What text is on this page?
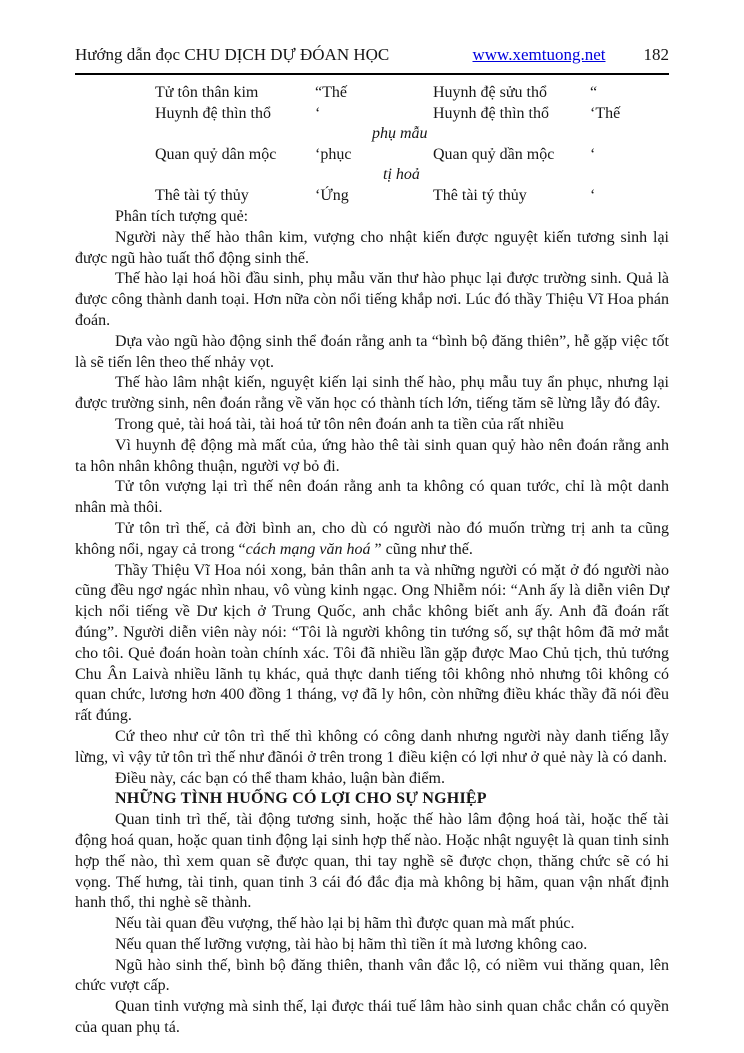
Hướng dẫn đọc CHU DỊCH DỰ ĐÓAN HỌC	www.xemtuong.net 182
Tử tôn thân kim	“Thế	Huynh đệ sửu thổ	“
Huynh đệ thìn thổ	‘	Huynh đệ thìn thổ	‘Thế
phụ mẫu
Quan quỷ dân mộc	‘phục	Quan quỷ dần mộc	‘
tị hoả
Thê tài tý thủy	‘Ứng	Thê tài tý thủy	‘

Phân tích tượng quẻ:

Người này thế hào thân kim, vượng cho nhật kiến được nguyệt kiến tương sinh lại được ngũ hào tuất thổ động sinh thế.

Thế hào lại hoá hồi đầu sinh, phụ mẫu văn thư hào phục lại được trường sinh. Quả là được công thành danh toại. Hơn nữa còn nổi tiếng khắp nơi. Lúc đó thầy Thiệu Vĩ Hoa phán đoán.

Dựa vào ngũ hào động sinh thể đoán rằng anh ta “bình bộ đăng thiên”, hễ gặp việc tốt là sẽ tiến lên theo thế nhảy vọt.

Thế hào lâm nhật kiến, nguyệt kiến lại sinh thế hào, phụ mẫu tuy ẩn phục, nhưng lại được trường sinh, nên đoán rằng về văn học có thành tích lớn, tiếng tăm sẽ lừng lẫy đó đây.

Trong quẻ, tài hoá tài, tài hoá tử tôn nên đoán anh ta tiền của rất nhiều

Vì huynh đệ động mà mất của, ứng hào thê tài sinh quan quỷ hào nên đoán rằng anh ta hôn nhân không thuận, người vợ bỏ đi.

Tử tôn vượng lại trì thế nên đoán rằng anh ta không có quan tước, chỉ là một danh nhân mà thôi.

Tử tôn trì thế, cả đời bình an, cho dù có người nào đó muốn trừng trị anh ta cũng không nổi, ngay cả trong “cách mạng văn hoá ” cũng như thế.

Thầy Thiệu Vĩ Hoa nói xong, bản thân anh ta và những người có mặt ở đó người nào cũng đều ngơ ngác nhìn nhau, vô vùng kinh ngạc. Ong Nhiễm nói: “Anh ấy là diễn viên Dự kịch nổi tiếng về Dư kịch ở Trung Quốc, anh chắc không biết anh ấy. Anh đã đoán rất đúng”. Người diễn viên này nói: “Tôi là người không tin tướng số, sự thật hôm đã mở mắt cho tôi. Quẻ đoán hoàn toàn chính xác. Tôi đã nhiều lần gặp được Mao Chủ tịch, thủ tướng Chu Ân Laivà nhiều lãnh tụ khác, quả thực danh tiếng tôi không nhỏ nhưng tôi không có quan chức, lương hơn 400 đồng 1 tháng, vợ đã ly hôn, còn những điều khác thầy đã nói đều rất đúng.

Cứ theo như cử tôn trì thế thì không có công danh nhưng người này danh tiếng lẫy lừng, vì vậy tử tôn trì thế như đãnói ở trên trong 1 điều kiện có lợi như ở quẻ này là có danh.

Điều này, các bạn có thể tham khảo, luận bàn điểm.

NHỮNG TÌNH HUỐNG CÓ LỢI CHO SỰ NGHIỆP

Quan tinh trì thế, tài động tương sinh, hoặc thế hào lâm động hoá tài, hoặc thế tài động hoá quan, hoặc quan tinh động lại sinh hợp thế nào. Hoặc nhật nguyệt là quan tinh sinh hợp thế nào, thì xem quan sẽ được quan, thi tay nghề sẽ được chọn, thăng chức sẽ có hi vọng. Thế hưng, tài tinh, quan tinh 3 cái đó đắc địa mà không bị hãm, quan vận nhất định hanh thổ, thi nghè sẽ thành.

Nếu tài quan đều vượng, thế hào lại bị hãm thì được quan mà mất phúc.

Nếu quan thế lưỡng vượng, tài hào bị hãm thì tiền ít mà lương không cao.

Ngũ hào sinh thế, bình bộ đăng thiên, thanh vân đắc lộ, có niềm vui thăng quan, lên chức vượt cấp.

Quan tinh vượng mà sinh thế, lại được thái tuế lâm hào sinh quan chắc chắn có quyền của quan phụ tá.
